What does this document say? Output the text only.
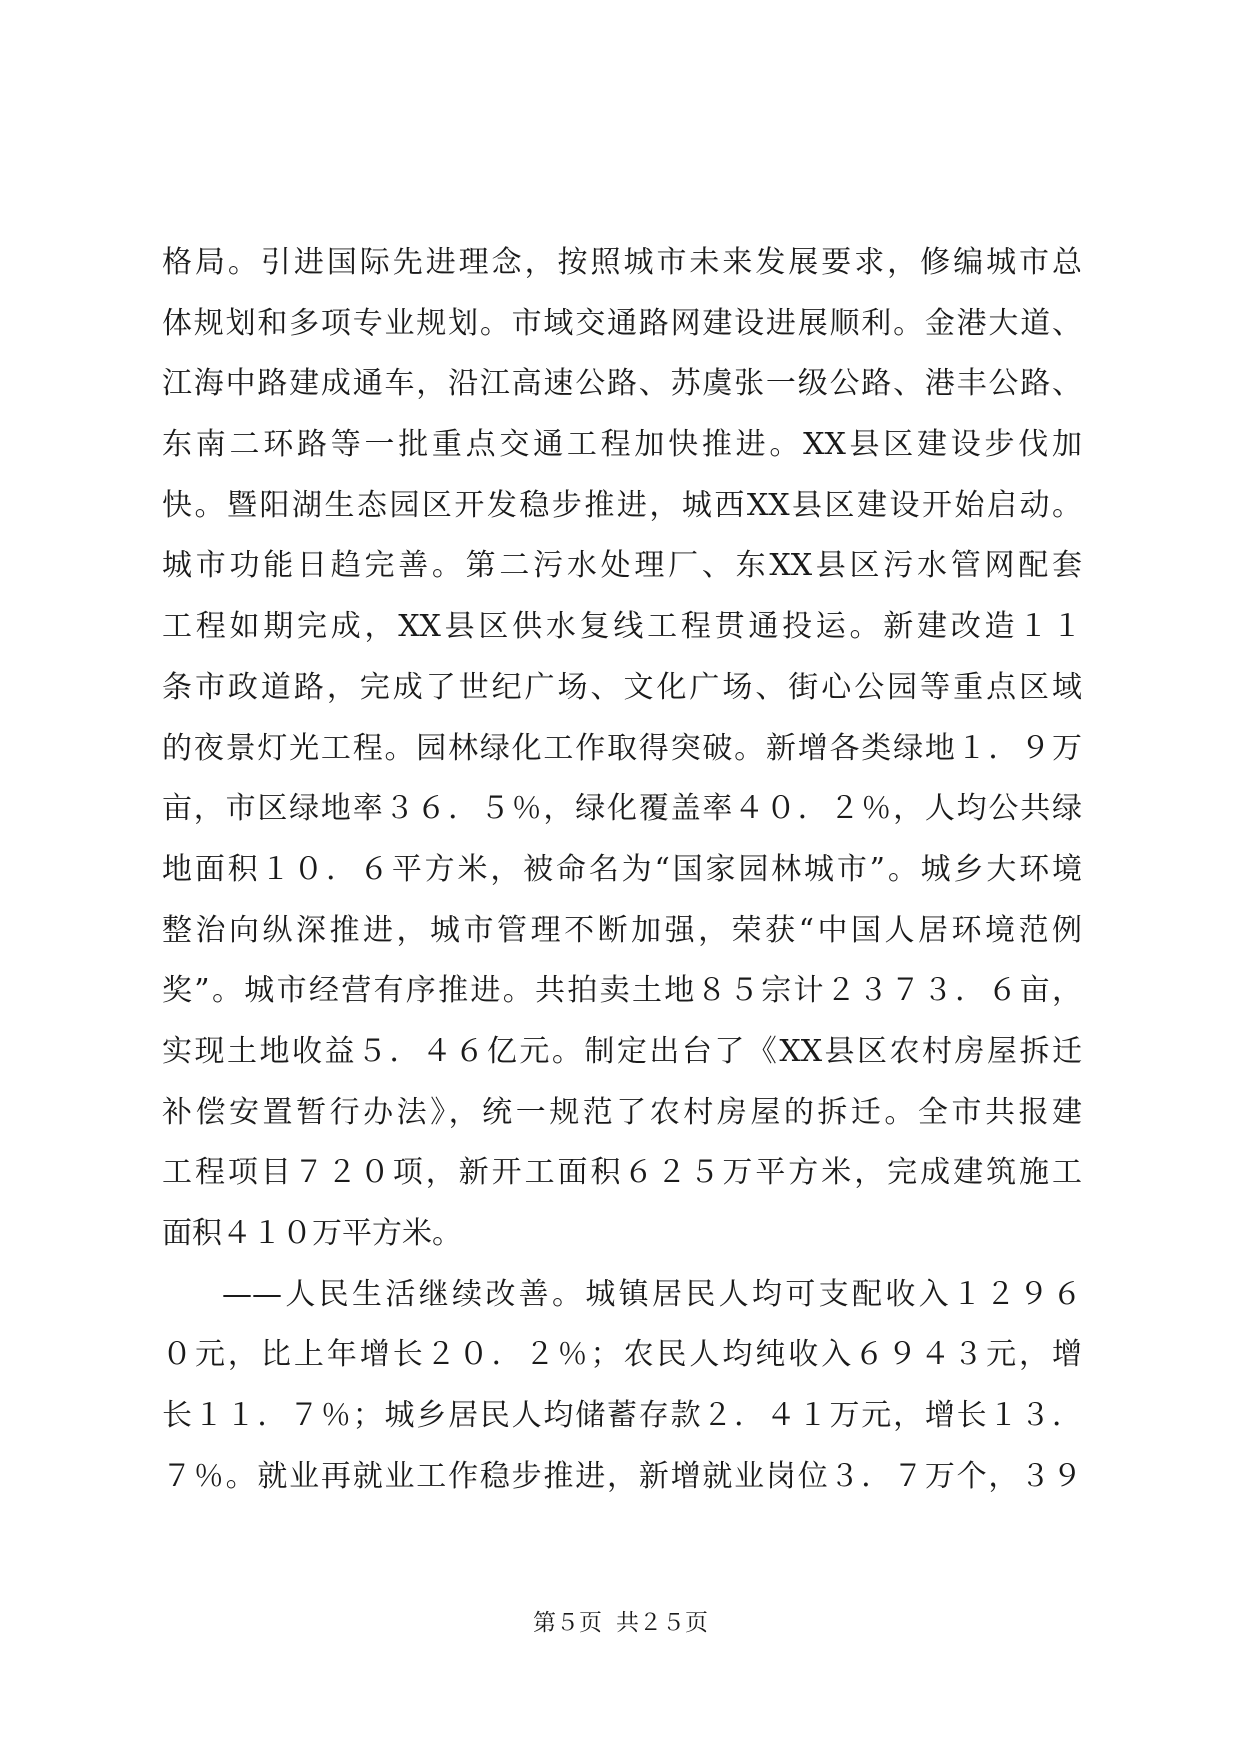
格局。引进国际先进理念，按照城市未来发展要求，修编城市总
体规划和多项专业规划。市域交通路网建设进展顺利。金港大道、
江海中路建成通车，沿江高速公路、苏虞张一级公路、港丰公路、
东南二环路等一批重点交通工程加快推进。XX县区建设步伐加
快。暨阳湖生态园区开发稳步推进，城西XX县区建设开始启动。
城市功能日趋完善。第二污水处理厂、东XX县区污水管网配套
工程如期完成，XX县区供水复线工程贯通投运。新建改造１１
条市政道路，完成了世纪广场、文化广场、街心公园等重点区域
的夜景灯光工程。园林绿化工作取得突破。新增各类绿地１．９万
亩，市区绿地率３６．５％，绿化覆盖率４０．２％，人均公共绿
地面积１０．６平方米，被命名为“国家园林城市”。城乡大环境
整治向纵深推进，城市管理不断加强，荣获“中国人居环境范例
奖”。城市经营有序推进。共拍卖土地８５宗计２３７３．６亩，
实现土地收益５．４６亿元。制定出台了《XX县区农村房屋拆迁
补偿安置暂行办法》，统一规范了农村房屋的拆迁。全市共报建
工程项目７２０项，新开工面积６２５万平方米，完成建筑施工
面积４１０万平方米。
——人民生活继续改善。城镇居民人均可支配收入１２９６
０元，比上年增长２０．２％；农民人均纯收入６９４３元，增
长１１．７％；城乡居民人均储蓄存款２．４１万元，增长１３．
７％。就业再就业工作稳步推进，新增就业岗位３．７万个，３９
第５页 共２５页
